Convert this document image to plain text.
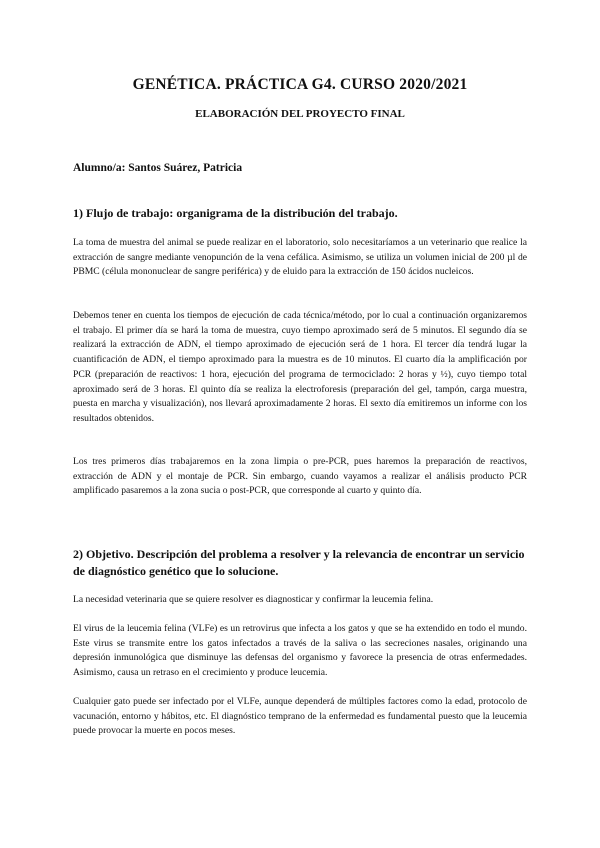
GENÉTICA. PRÁCTICA G4. CURSO 2020/2021
ELABORACIÓN DEL PROYECTO FINAL
Alumno/a: Santos Suárez, Patricia
1) Flujo de trabajo: organigrama de la distribución del trabajo.

La toma de muestra del animal se puede realizar en el laboratorio, solo necesitaríamos a un veterinario que realice la extracción de sangre mediante venopunción de la vena cefálica. Asimismo, se utiliza un volumen inicial de 200 µl de PBMC (célula mononuclear de sangre periférica) y de eluido para la extracción de 150 ácidos nucleicos.

Debemos tener en cuenta los tiempos de ejecución de cada técnica/método, por lo cual a continuación organizaremos el trabajo. El primer día se hará la toma de muestra, cuyo tiempo aproximado será de 5 minutos. El segundo día se realizará la extracción de ADN, el tiempo aproximado de ejecución será de 1 hora. El tercer día tendrá lugar la cuantificación de ADN, el tiempo aproximado para la muestra es de 10 minutos. El cuarto día la amplificación por PCR (preparación de reactivos: 1 hora, ejecución del programa de termociclado: 2 horas y ½), cuyo tiempo total aproximado será de 3 horas. El quinto día se realiza la electroforesis (preparación del gel, tampón, carga muestra, puesta en marcha y visualización), nos llevará aproximadamente 2 horas. El sexto día emitiremos un informe con los resultados obtenidos.

Los tres primeros días trabajaremos en la zona limpia o pre-PCR, pues haremos la preparación de reactivos, extracción de ADN y el montaje de PCR. Sin embargo, cuando vayamos a realizar el análisis producto PCR amplificado pasaremos a la zona sucia o post-PCR, que corresponde al cuarto y quinto día.

2) Objetivo. Descripción del problema a resolver y la relevancia de encontrar un servicio de diagnóstico genético que lo solucione.

La necesidad veterinaria que se quiere resolver es diagnosticar y confirmar la leucemia felina.

El virus de la leucemia felina (VLFe) es un retrovirus que infecta a los gatos y que se ha extendido en todo el mundo. Este virus se transmite entre los gatos infectados a través de la saliva o las secreciones nasales, originando una depresión inmunológica que disminuye las defensas del organismo y favorece la presencia de otras enfermedades. Asimismo, causa un retraso en el crecimiento y produce leucemia.

Cualquier gato puede ser infectado por el VLFe, aunque dependerá de múltiples factores como la edad, protocolo de vacunación, entorno y hábitos, etc. El diagnóstico temprano de la enfermedad es fundamental puesto que la leucemia puede provocar la muerte en pocos meses.
